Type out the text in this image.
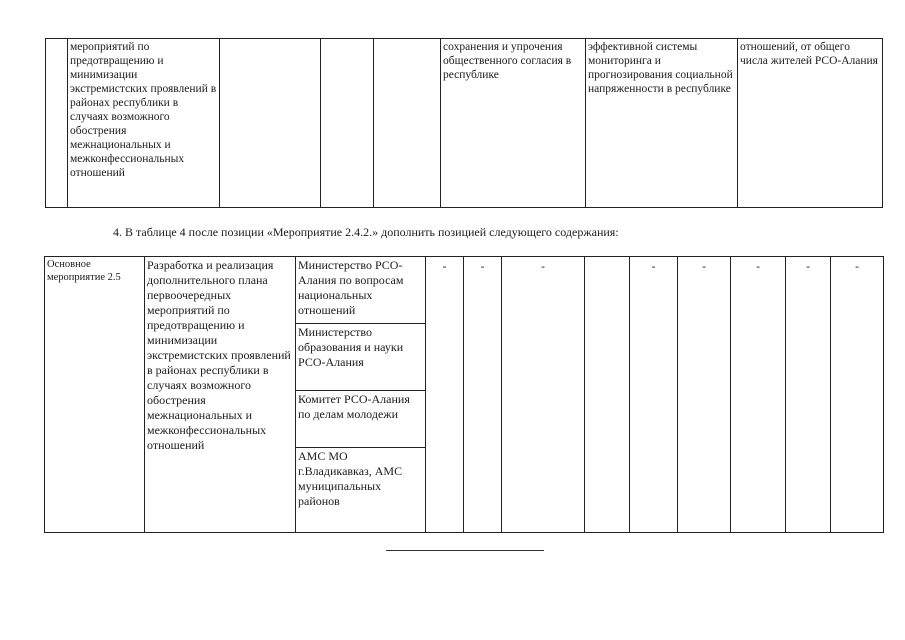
	мероприятий по предотвращению и минимизации экстремистских проявлений в районах республики в случаях возможного обострения межнациональных и межконфессиональных отношений				сохранения и упрочения общественного согласия в республике	эффективной системы мониторинга и прогнозирования социальной напряженности в республике	отношений, от общего числа жителей РСО-Алания
4. В таблице 4 после позиции «Мероприятие 2.4.2.» дополнить позицией следующего содержания:
Основное мероприятие 2.5	Разработка и реализация дополнительного плана первоочередных мероприятий по предотвращению и минимизации экстремистских проявлений в районах республики в случаях возможного обострения межнациональных и межконфессиональных отношений	Министерство РСО-Алания по вопросам национальных отношений	-	-	-		-	-	-	-	-
Министерство образования и науки РСО-Алания
Комитет РСО-Алания по делам молодежи
АМС МО г.Владикавказ, АМС муниципальных районов
